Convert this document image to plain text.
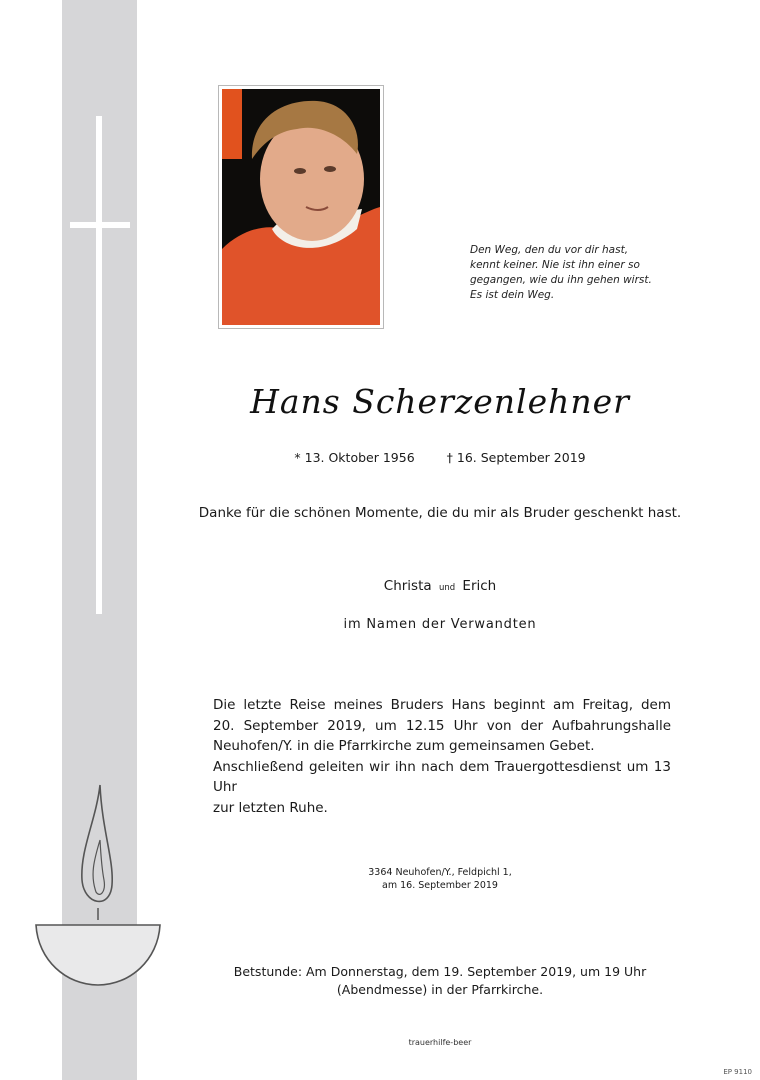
Den Weg, den du vor dir hast,
kennt keiner. Nie ist ihn einer so
gegangen, wie du ihn gehen wirst.
Es ist dein Weg.
Hans Scherzenlehner
* 13. Oktober 1956	† 16. September 2019
Danke für die schönen Momente, die du mir als Bruder geschenkt hast.
Christa und Erich
im Namen der Verwandten
Die letzte Reise meines Bruders Hans beginnt am Freitag, dem
20. September 2019, um 12.15 Uhr von der Aufbahrungshalle
Neuhofen/Y. in die Pfarrkirche zum gemeinsamen Gebet.
Anschließend geleiten wir ihn nach dem Trauergottesdienst um 13 Uhr
zur letzten Ruhe.
3364 Neuhofen/Y., Feldpichl 1,
am 16. September 2019
Betstunde: Am Donnerstag, dem 19. September 2019, um 19 Uhr
(Abendmesse) in der Pfarrkirche.
trauerhilfe-beer
EP 9110
